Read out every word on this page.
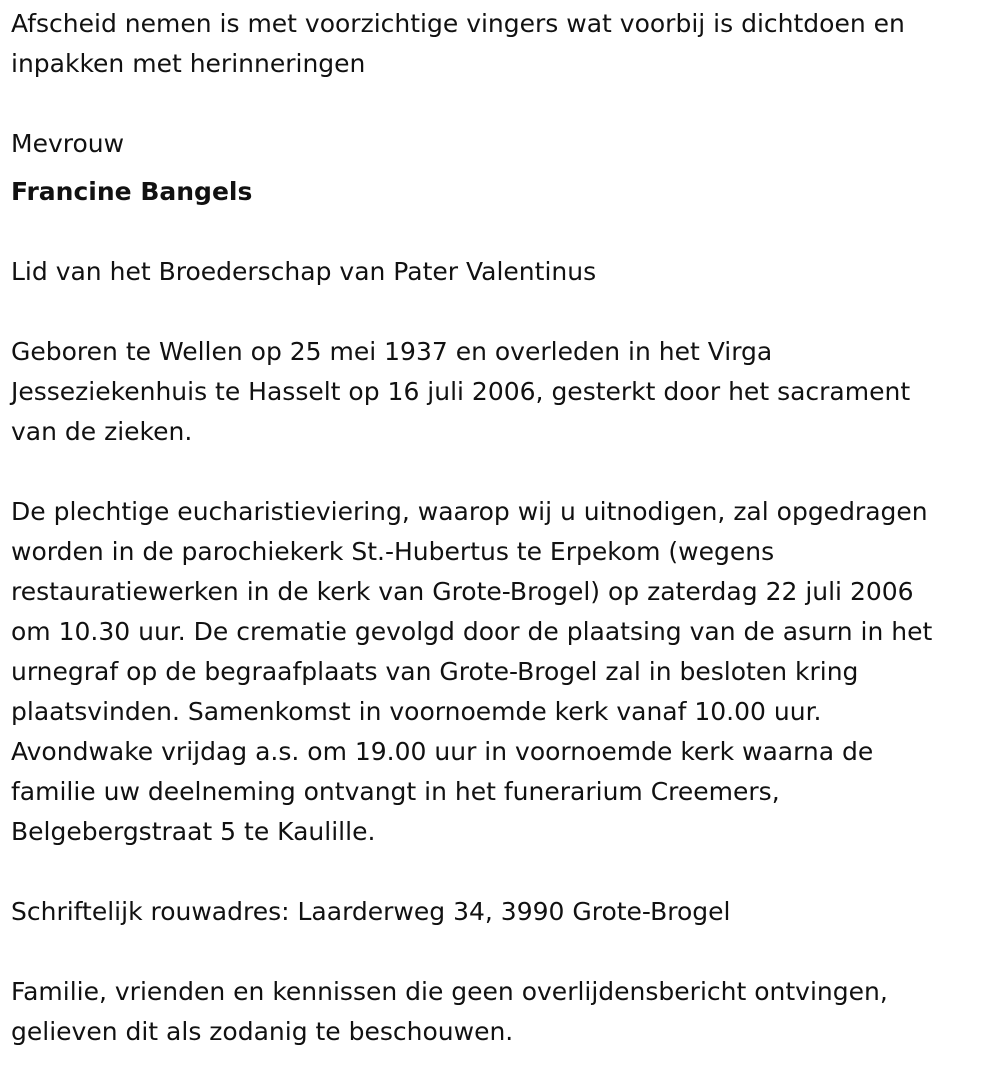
Afscheid nemen is met voorzichtige vingers wat voorbij is dichtdoen en
inpakken met herinneringen

Mevrouw

Francine Bangels

Lid van het Broederschap van Pater Valentinus

Geboren te Wellen op 25 mei 1937 en overleden in het Virga
Jesseziekenhuis te Hasselt op 16 juli 2006, gesterkt door het sacrament
van de zieken.

De plechtige eucharistieviering, waarop wij u uitnodigen, zal opgedragen
worden in de parochiekerk St.-Hubertus te Erpekom (wegens
restauratiewerken in de kerk van Grote-Brogel) op zaterdag 22 juli 2006
om 10.30 uur. De crematie gevolgd door de plaatsing van de asurn in het
urnegraf op de begraafplaats van Grote-Brogel zal in besloten kring
plaatsvinden. Samenkomst in voornoemde kerk vanaf 10.00 uur.
Avondwake vrijdag a.s. om 19.00 uur in voornoemde kerk waarna de
familie uw deelneming ontvangt in het funerarium Creemers,
Belgebergstraat 5 te Kaulille.

Schriftelijk rouwadres: Laarderweg 34, 3990 Grote-Brogel

Familie, vrienden en kennissen die geen overlijdensbericht ontvingen,
gelieven dit als zodanig te beschouwen.
